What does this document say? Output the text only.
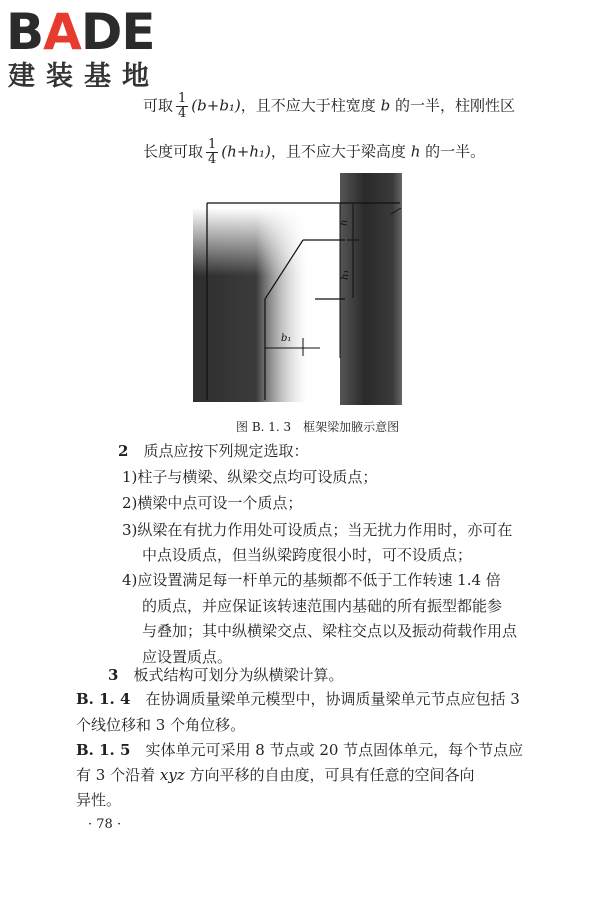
BADE
建装基地
可取 $\frac{1}{4} (b+b_1)$，且不应大于柱宽度 b 的一半，柱刚性区
长度可取 $\frac{1}{4} (h+h_1)$，且不应大于梁高度 h 的一半。
h
h₁
b₁
图 B. 1. 3　框架梁加腋示意图
2　 质点应按下列规定选取：
1)柱子与横梁、纵梁交点均可设质点；
2)横梁中点可设一个质点；
3)纵梁在有扰力作用处可设质点；当无扰力作用时，亦可在
中点设质点，但当纵梁跨度很小时，可不设质点；
4)应设置满足每一杆单元的基频都不低于工作转速 1.4 倍
的质点，并应保证该转速范围内基础的所有振型都能参
与叠加；其中纵横梁交点、梁柱交点以及振动荷载作用点
应设置质点。
3　 板式结构可划分为纵横梁计算。
B. 1. 4　 在协调质量梁单元模型中，协调质量梁单元节点应包括 3
个线位移和 3 个角位移。
B. 1. 5　 实体单元可采用 8 节点或 20 节点固体单元，每个节点应
有 3 个沿着 xyz 方向平移的自由度，可具有任意的空间各向
异性。
· 78 ·
